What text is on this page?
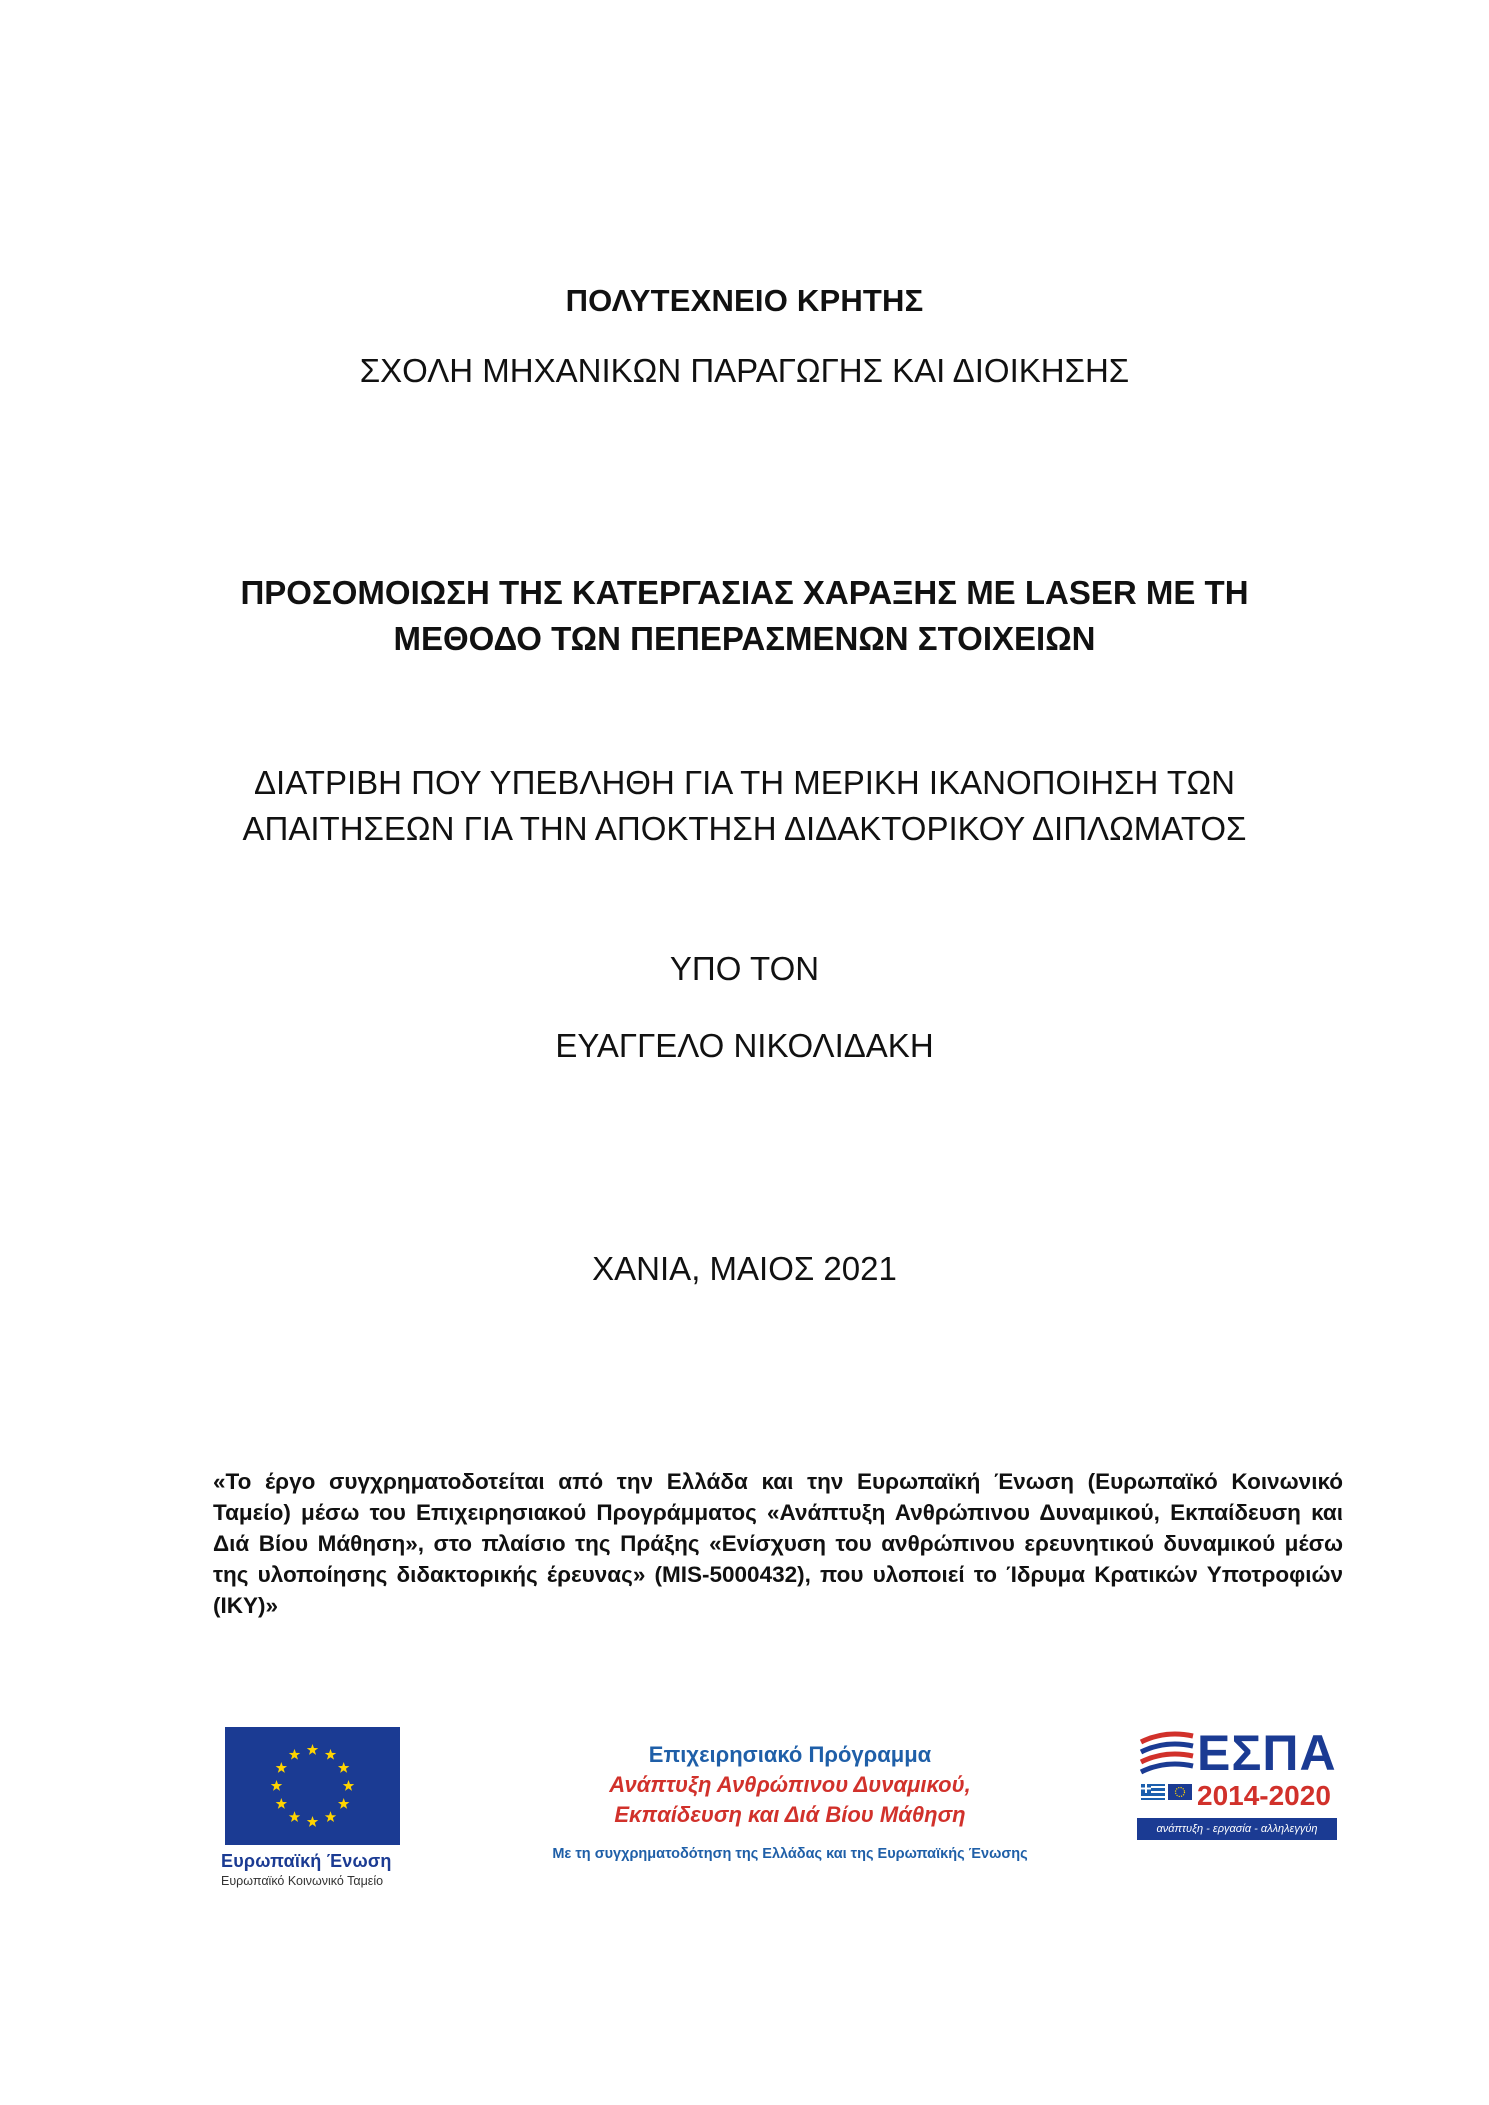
ΠΟΛΥΤΕΧΝΕΙΟ ΚΡΗΤΗΣ
ΣΧΟΛΗ ΜΗΧΑΝΙΚΩΝ ΠΑΡΑΓΩΓΗΣ ΚΑΙ ΔΙΟΙΚΗΣΗΣ
ΠΡΟΣΟΜΟΙΩΣΗ ΤΗΣ ΚΑΤΕΡΓΑΣΙΑΣ ΧΑΡΑΞΗΣ ΜΕ LASER ΜΕ ΤΗ
ΜΕΘΟΔΟ ΤΩΝ ΠΕΠΕΡΑΣΜΕΝΩΝ ΣΤΟΙΧΕΙΩΝ
ΔΙΑΤΡΙΒΗ ΠΟΥ ΥΠΕΒΛΗΘΗ ΓΙΑ ΤΗ ΜΕΡΙΚΗ ΙΚΑΝΟΠΟΙΗΣΗ ΤΩΝ
ΑΠΑΙΤΗΣΕΩΝ ΓΙΑ ΤΗΝ ΑΠΟΚΤΗΣΗ ΔΙΔΑΚΤΟΡΙΚΟΥ ΔΙΠΛΩΜΑΤΟΣ
ΥΠΟ ΤΟΝ
ΕΥΑΓΓΕΛΟ ΝΙΚΟΛΙΔΑΚΗ
ΧΑΝΙΑ, ΜΑΙΟΣ 2021
«Το έργο συγχρηματοδοτείται από την Ελλάδα και την Ευρωπαϊκή Ένωση (Ευρωπαϊκό Κοινωνικό Ταμείο) μέσω του Επιχειρησιακού Προγράμματος «Ανάπτυξη Ανθρώπινου Δυναμικού, Εκπαίδευση και Διά Βίου Μάθηση», στο πλαίσιο της Πράξης «Ενίσχυση του ανθρώπινου ερευνητικού δυναμικού μέσω της υλοποίησης διδακτορικής έρευνας» (MIS-5000432), που υλοποιεί το Ίδρυμα Κρατικών Υποτροφιών (ΙΚΥ)»
Ευρωπαϊκή Ένωση
Ευρωπαϊκό Κοινωνικό Ταμείο
Επιχειρησιακό Πρόγραμμα
Ανάπτυξη Ανθρώπινου Δυναμικού,
Εκπαίδευση και Διά Βίου Μάθηση
Με τη συγχρηματοδότηση της Ελλάδας και της Ευρωπαϊκής Ένωσης
ΕΣΠΑ
2014-2020
ανάπτυξη - εργασία - αλληλεγγύη
